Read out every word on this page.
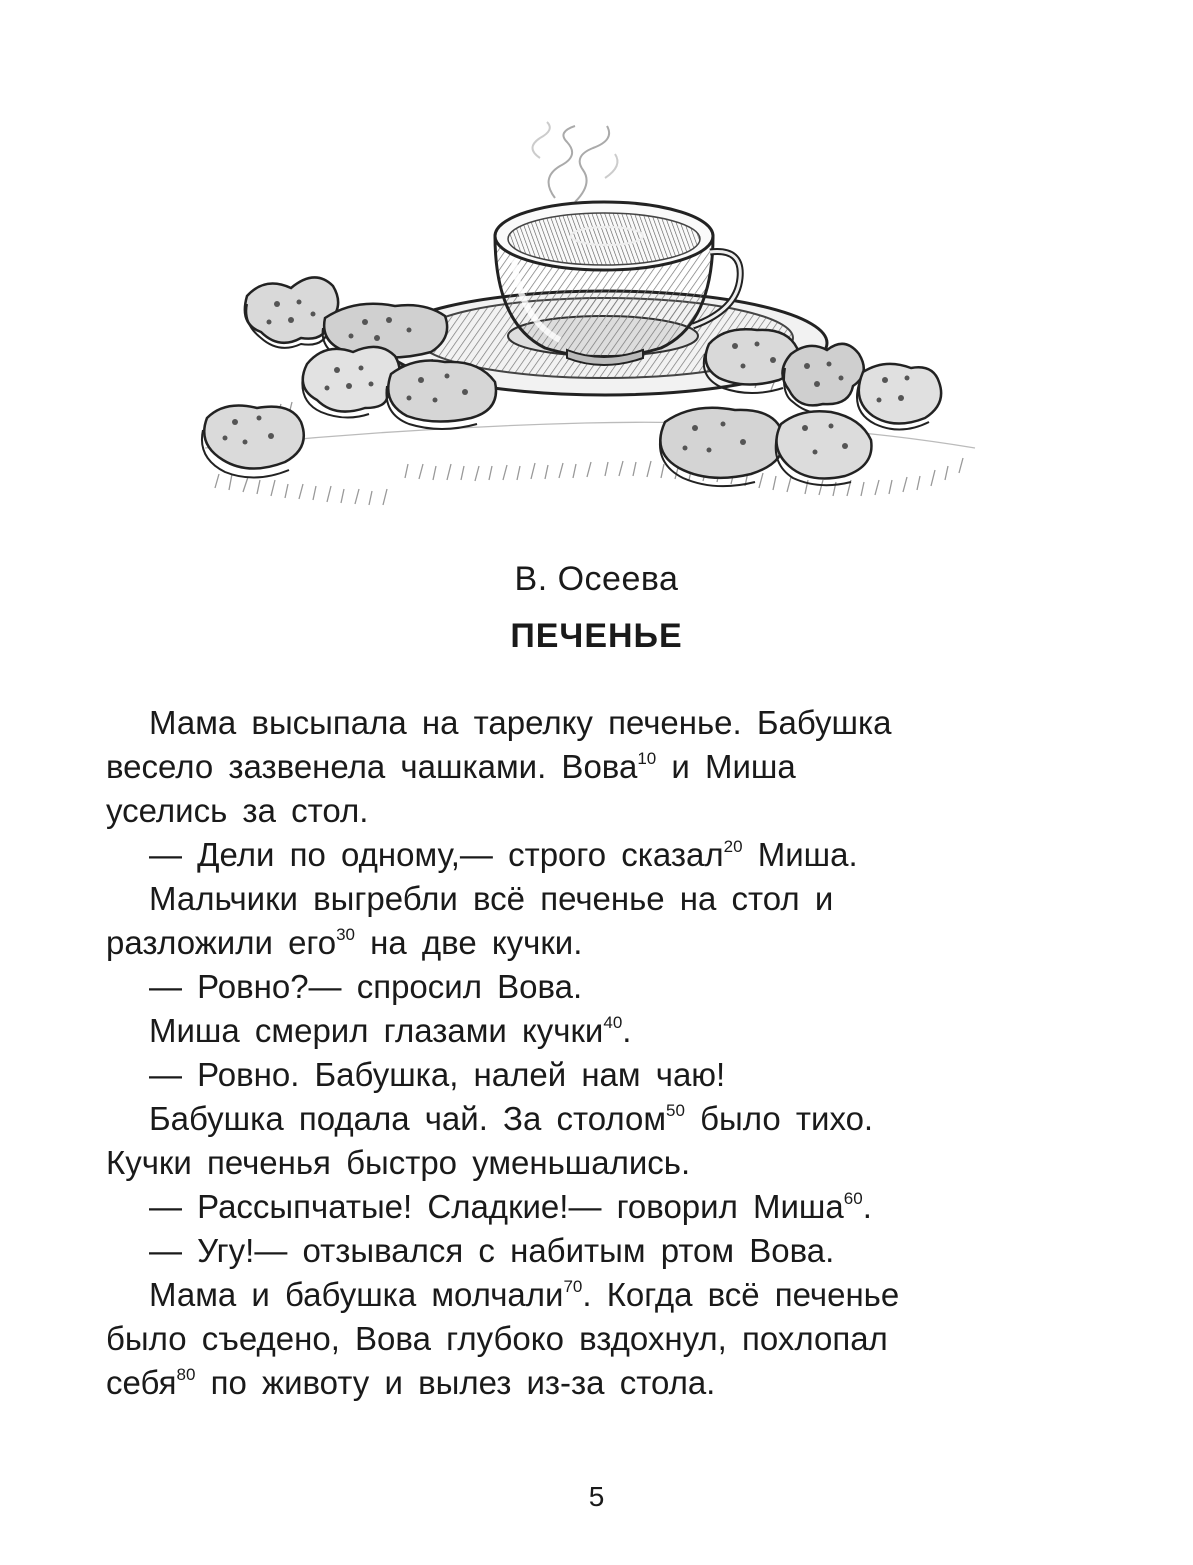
В. Осеева
ПЕЧЕНЬЕ
Мама высыпала на тарелку печенье. Бабушка
весело зазвенела чашками. Вова$^{10}$ и Миша
уселись за стол.
— Дели по одному,— строго сказал$^{20}$ Миша.
Мальчики выгребли всё печенье на стол и
разложили его$^{30}$ на две кучки.
— Ровно?— спросил Вова.
Миша смерил глазами кучки$^{40}$.
— Ровно. Бабушка, налей нам чаю!
Бабушка подала чай. За столом$^{50}$ было тихо.
Кучки печенья быстро уменьшались.
— Рассыпчатые! Сладкие!— говорил Миша$^{60}$.
— Угу!— отзывался с набитым ртом Вова.
Мама и бабушка молчали$^{70}$. Когда всё печенье
было съедено, Вова глубоко вздохнул, похлопал
себя$^{80}$ по животу и вылез из-за стола.
5
